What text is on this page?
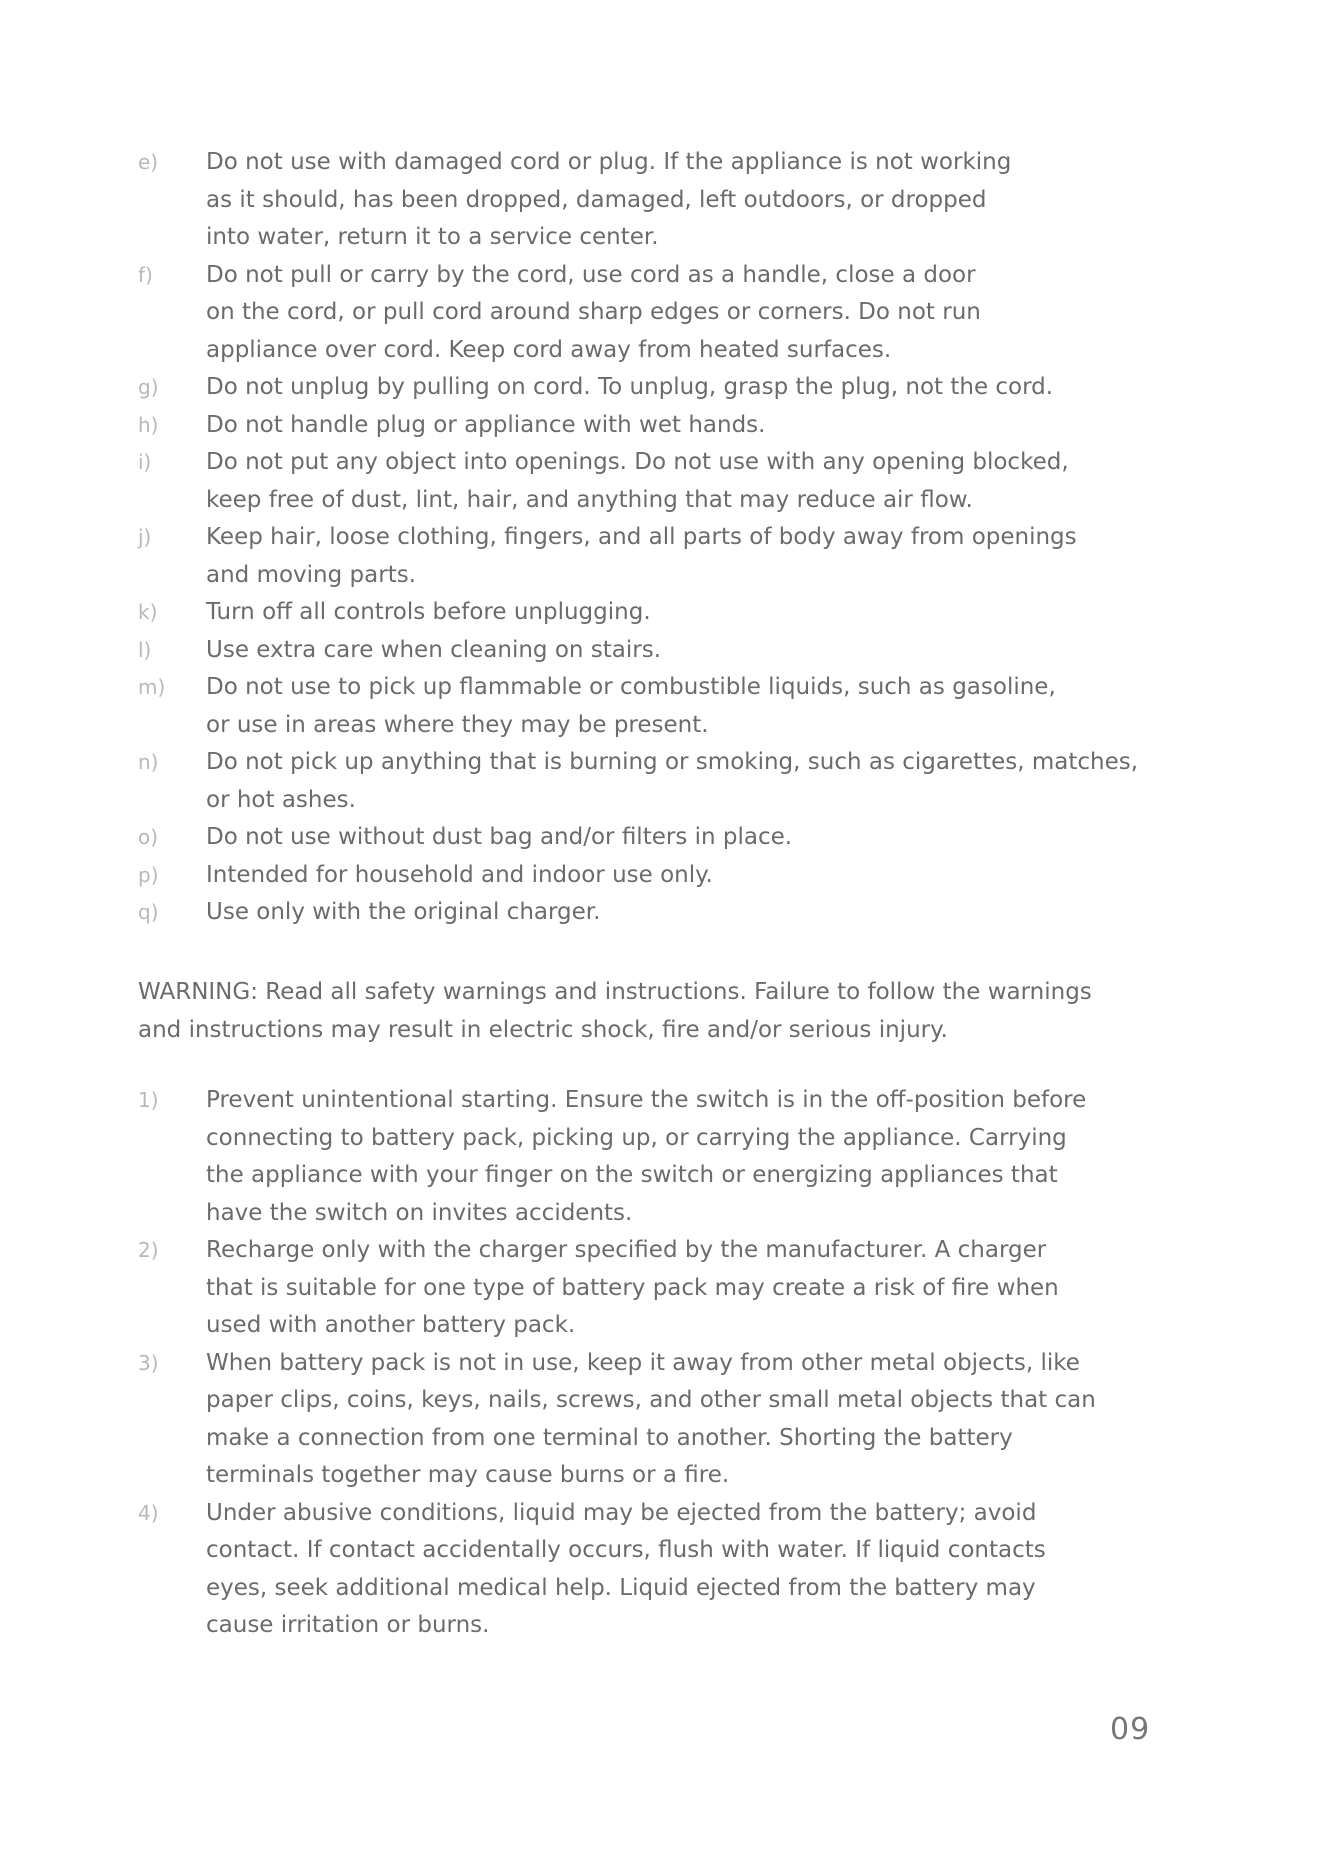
e)	Do not use with damaged cord or plug. If the appliance is not working
as it should, has been dropped, damaged, left outdoors, or dropped
into water, return it to a service center.
f)	Do not pull or carry by the cord, use cord as a handle, close a door
on the cord, or pull cord around sharp edges or corners. Do not run
appliance over cord. Keep cord away from heated surfaces.
g)	Do not unplug by pulling on cord. To unplug, grasp the plug, not the cord.
h)	Do not handle plug or appliance with wet hands.
i)	Do not put any object into openings. Do not use with any opening blocked,
keep free of dust, lint, hair, and anything that may reduce air flow.
j)	Keep hair, loose clothing, fingers, and all parts of body away from openings
and moving parts.
k)	Turn off all controls before unplugging.
l)	Use extra care when cleaning on stairs.
m)	Do not use to pick up flammable or combustible liquids, such as gasoline,
or use in areas where they may be present.
n)	Do not pick up anything that is burning or smoking, such as cigarettes, matches,
or hot ashes.
o)	Do not use without dust bag and/or filters in place.
p)	Intended for household and indoor use only.
q)	Use only with the original charger.

WARNING: Read all safety warnings and instructions. Failure to follow the warnings
and instructions may result in electric shock, fire and/or serious injury.

1)	Prevent unintentional starting. Ensure the switch is in the off-position before
connecting to battery pack, picking up, or carrying the appliance. Carrying
the appliance with your finger on the switch or energizing appliances that
have the switch on invites accidents.
2)	Recharge only with the charger specified by the manufacturer. A charger
that is suitable for one type of battery pack may create a risk of fire when
used with another battery pack.
3)	When battery pack is not in use, keep it away from other metal objects, like
paper clips, coins, keys, nails, screws, and other small metal objects that can
make a connection from one terminal to another. Shorting the battery
terminals together may cause burns or a fire.
4)	Under abusive conditions, liquid may be ejected from the battery; avoid
contact. If contact accidentally occurs, flush with water. If liquid contacts
eyes, seek additional medical help. Liquid ejected from the battery may
cause irritation or burns.
09
